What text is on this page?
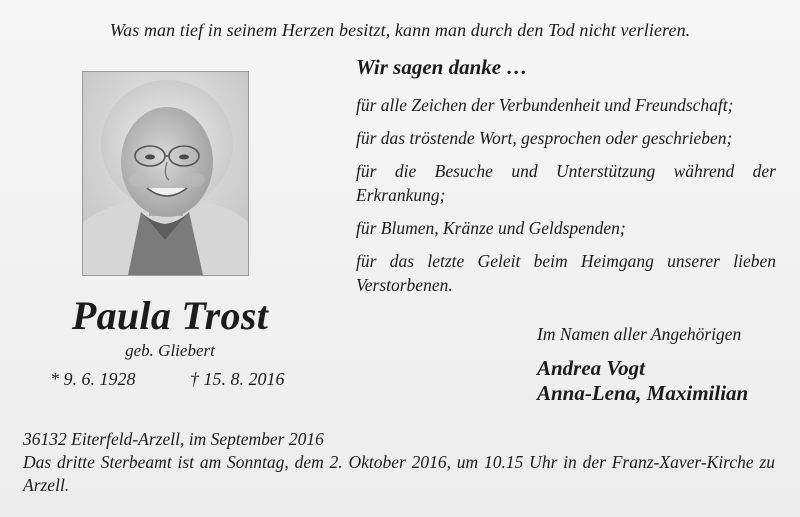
Was man tief in seinem Herzen besitzt, kann man durch den Tod nicht verlieren.
Paula Trost
geb. Gliebert
* 9. 6. 1928	† 15. 8. 2016
Wir sagen danke …
für alle Zeichen der Verbundenheit und Freundschaft;
für das tröstende Wort, gesprochen oder geschrieben;
für die Besuche und Unterstützung während der Erkrankung;
für Blumen, Kränze und Geldspenden;
für das letzte Geleit beim Heimgang unserer lieben Verstorbenen.
Im Namen aller Angehörigen
Andrea Vogt
Anna-Lena, Maximilian
36132 Eiterfeld-Arzell, im September 2016
Das dritte Sterbeamt ist am Sonntag, dem 2. Oktober 2016, um 10.15 Uhr in der Franz-Xaver-Kirche zu Arzell.
